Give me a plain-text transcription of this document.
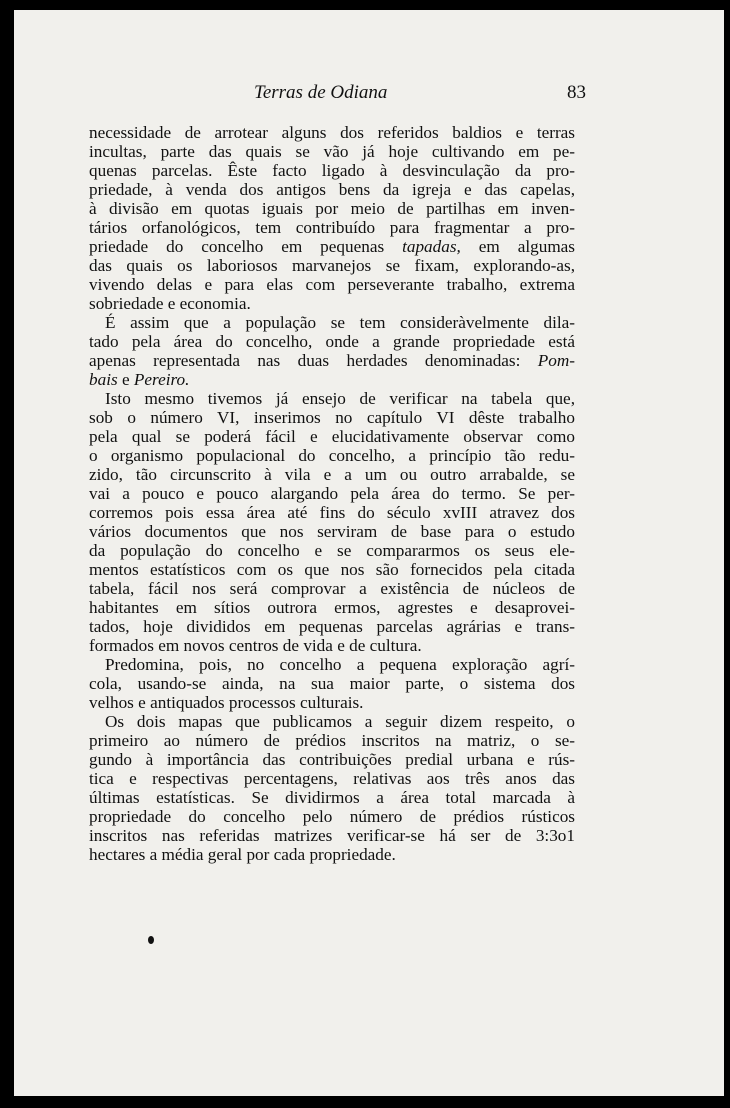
Terras de Odiana	83
necessidade de arrotear alguns dos referidos baldios e terras
incultas, parte das quais se vão já hoje cultivando em pe-
quenas parcelas. Êste facto ligado à desvinculação da pro-
priedade, à venda dos antigos bens da igreja e das capelas,
à divisão em quotas iguais por meio de partilhas em inven-
tários orfanológicos, tem contribuído para fragmentar a pro-
priedade do concelho em pequenas tapadas, em algumas
das quais os laboriosos marvanejos se fixam, explorando-as,
vivendo delas e para elas com perseverante trabalho, extrema
sobriedade e economia.
É assim que a população se tem consideràvelmente dila-
tado pela área do concelho, onde a grande propriedade está
apenas representada nas duas herdades denominadas: Pom-
bais e Pereiro.
Isto mesmo tivemos já ensejo de verificar na tabela que,
sob o número VI, inserimos no capítulo VI dêste trabalho
pela qual se poderá fácil e elucidativamente observar como
o organismo populacional do concelho, a princípio tão redu-
zido, tão circunscrito à vila e a um ou outro arrabalde, se
vai a pouco e pouco alargando pela área do termo. Se per-
corremos pois essa área até fins do século xvIII atravez dos
vários documentos que nos serviram de base para o estudo
da população do concelho e se compararmos os seus ele-
mentos estatísticos com os que nos são fornecidos pela citada
tabela, fácil nos será comprovar a existência de núcleos de
habitantes em sítios outrora ermos, agrestes e desaprovei-
tados, hoje divididos em pequenas parcelas agrárias e trans-
formados em novos centros de vida e de cultura.
Predomina, pois, no concelho a pequena exploração agrí-
cola, usando-se ainda, na sua maior parte, o sistema dos
velhos e antiquados processos culturais.
Os dois mapas que publicamos a seguir dizem respeito, o
primeiro ao número de prédios inscritos na matriz, o se-
gundo à importância das contribuições predial urbana e rús-
tica e respectivas percentagens, relativas aos três anos das
últimas estatísticas. Se dividirmos a área total marcada à
propriedade do concelho pelo número de prédios rústicos
inscritos nas referidas matrizes verificar-se há ser de 3:3o1
hectares a média geral por cada propriedade.
